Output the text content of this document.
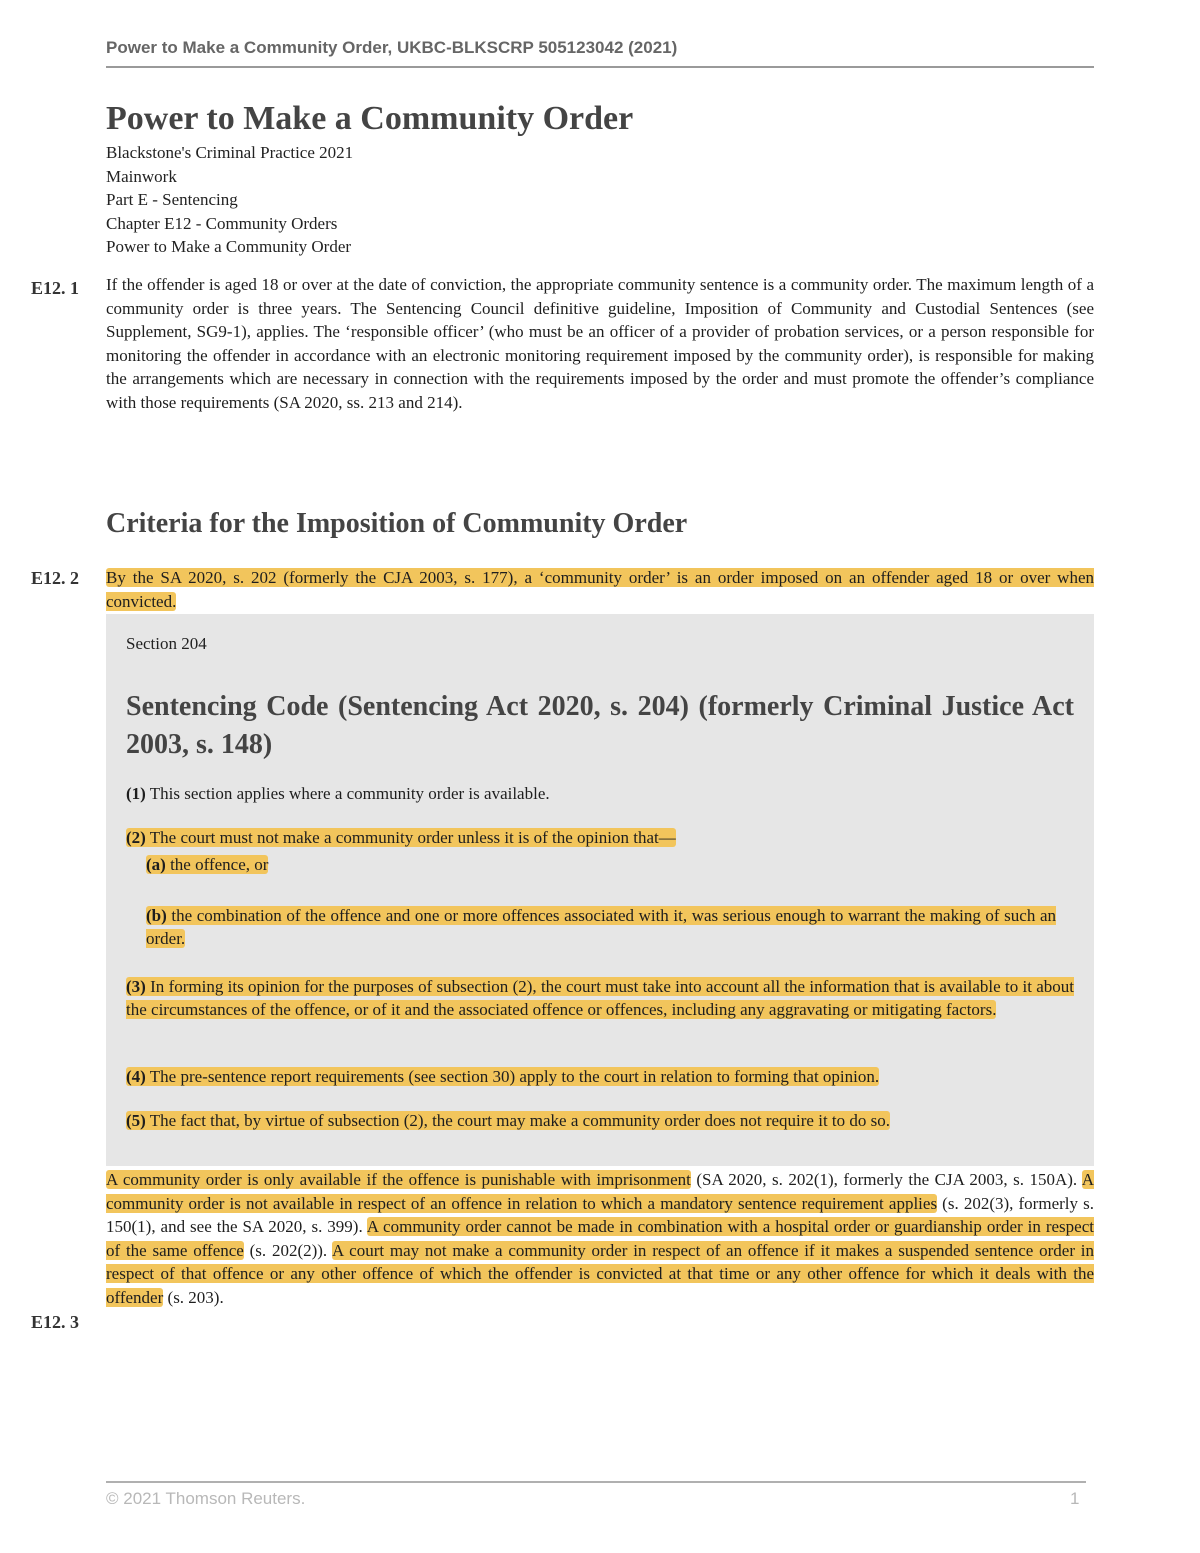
Power to Make a Community Order, UKBC-BLKSCRP 505123042 (2021)
Power to Make a Community Order
Blackstone's Criminal Practice 2021
Mainwork
Part E - Sentencing
Chapter E12 - Community Orders
Power to Make a Community Order
E12. 1 If the offender is aged 18 or over at the date of conviction, the appropriate community sentence is a community order. The maximum length of a community order is three years. The Sentencing Council definitive guideline, Imposition of Community and Custodial Sentences (see Supplement, SG9-1), applies. The ‘responsible officer’ (who must be an officer of a provider of probation services, or a person responsible for monitoring the offender in accordance with an electronic monitoring requirement imposed by the community order), is responsible for making the arrangements which are necessary in connection with the requirements imposed by the order and must promote the offender’s compliance with those requirements (SA 2020, ss. 213 and 214).

Criteria for the Imposition of Community Order
E12. 2 By the SA 2020, s. 202 (formerly the CJA 2003, s. 177), a ‘community order’ is an order imposed on an offender aged 18 or over when convicted.

Section 204
Sentencing Code (Sentencing Act 2020, s. 204) (formerly Criminal Justice Act 2003, s. 148)

(1) This section applies where a community order is available.

(2) The court must not make a community order unless it is of the opinion that—

(a) the offence, or

(b) the combination of the offence and one or more offences associated with it, was serious enough to warrant the making of such an order.

(3) In forming its opinion for the purposes of subsection (2), the court must take into account all the information that is available to it about the circumstances of the offence, or of it and the associated offence or offences, including any aggravating or mitigating factors.

(4) The pre-sentence report requirements (see section 30) apply to the court in relation to forming that opinion.

(5) The fact that, by virtue of subsection (2), the court may make a community order does not require it to do so.

A community order is only available if the offence is punishable with imprisonment (SA 2020, s. 202(1), formerly the CJA 2003, s. 150A). A community order is not available in respect of an offence in relation to which a mandatory sentence requirement applies (s. 202(3), formerly s. 150(1), and see the SA 2020, s. 399). A community order cannot be made in combination with a hospital order or guardianship order in respect of the same offence (s. 202(2)). A court may not make a community order in respect of an offence if it makes a suspended sentence order in respect of that offence or any other offence of which the offender is convicted at that time or any other offence for which it deals with the offender (s. 203).

E12. 3
© 2021 Thomson Reuters.	1
